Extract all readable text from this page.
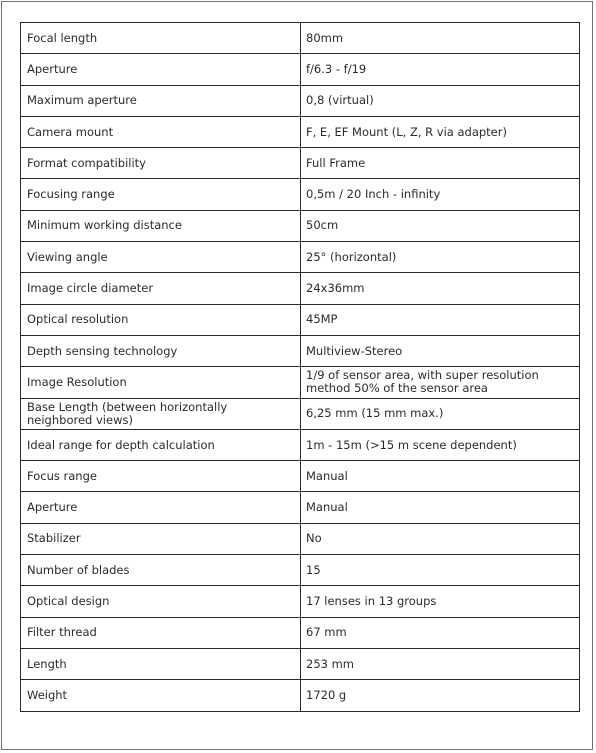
Focal length	80mm
Aperture	f/6.3 - f/19
Maximum aperture	0,8 (virtual)
Camera mount	F, E, EF Mount (L, Z, R via adapter)
Format compatibility	Full Frame
Focusing range	0,5m / 20 Inch - infinity
Minimum working distance	50cm
Viewing angle	25° (horizontal)
Image circle diameter	24x36mm
Optical resolution	45MP
Depth sensing technology	Multiview-Stereo
Image Resolution	1/9 of sensor area, with super resolution method 50% of the sensor area
Base Length (between horizontally neighbored views)	6,25 mm (15 mm max.)
Ideal range for depth calculation	1m - 15m (>15 m scene dependent)
Focus range	Manual
Aperture	Manual
Stabilizer	No
Number of blades	15
Optical design	17 lenses in 13 groups
Filter thread	67 mm
Length	253 mm
Weight	1720 g
